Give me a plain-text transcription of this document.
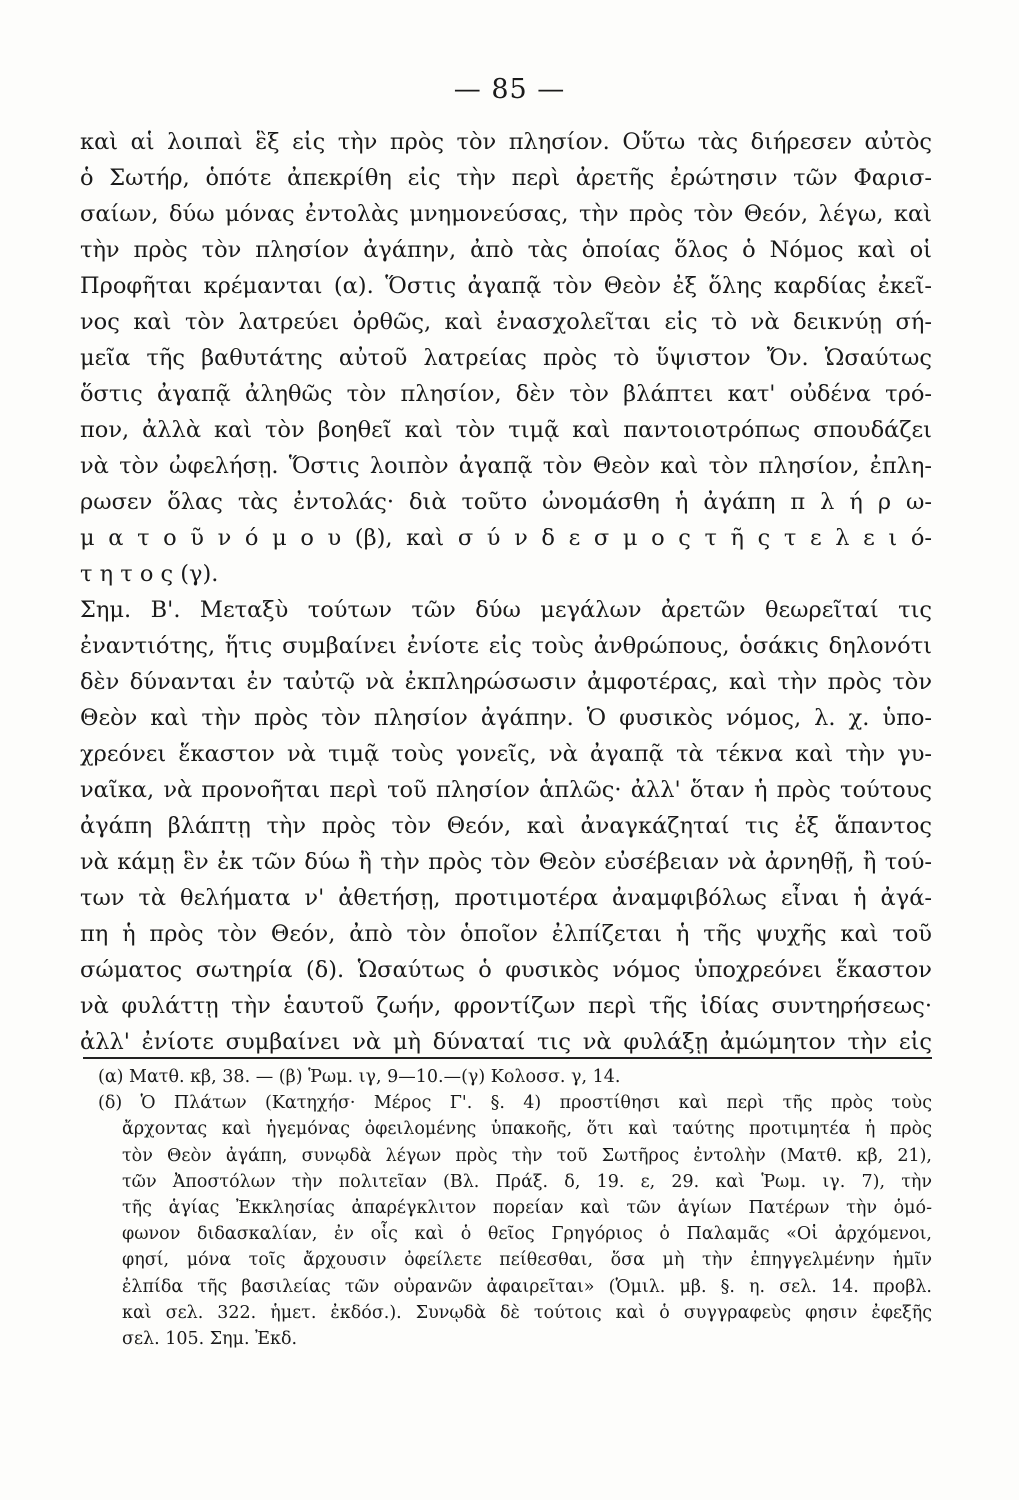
— 85 —
καὶ αἱ λοιπαὶ ἓξ εἰς τὴν πρὸς τὸν πλησίον. Οὕτω τὰς διήρεσεν αὐτὸς
ὁ Σωτήρ, ὁπότε ἀπεκρίθη εἰς τὴν περὶ ἀρετῆς ἐρώτησιν τῶν Φαρισ-
σαίων, δύω μόνας ἐντολὰς μνημονεύσας, τὴν πρὸς τὸν Θεόν, λέγω, καὶ
τὴν πρὸς τὸν πλησίον ἀγάπην, ἀπὸ τὰς ὁποίας ὅλος ὁ Νόμος καὶ οἱ
Προφῆται κρέμανται (α). Ὅστις ἀγαπᾷ τὸν Θεὸν ἐξ ὅλης καρδίας ἐκεῖ-
νος καὶ τὸν λατρεύει ὀρθῶς, καὶ ἐνασχολεῖται εἰς τὸ νὰ δεικνύῃ σή-
μεῖα τῆς βαθυτάτης αὐτοῦ λατρείας πρὸς τὸ ὕψιστον Ὄν. Ὡσαύτως
ὅστις ἀγαπᾷ ἀληθῶς τὸν πλησίον, δὲν τὸν βλάπτει κατ' οὐδένα τρό-
πον, ἀλλὰ καὶ τὸν βοηθεῖ καὶ τὸν τιμᾷ καὶ παντοιοτρόπως σπουδάζει
νὰ τὸν ὠφελήσῃ. Ὅστις λοιπὸν ἀγαπᾷ τὸν Θεὸν καὶ τὸν πλησίον, ἐπλη-
ρωσεν ὅλας τὰς ἐντολάς· διὰ τοῦτο ὠνομάσθη ἡ ἀγάπη π λ ή ρ ω-
μ α τ ο ῦ ν ό μ ο υ (β), καὶ σ ύ ν δ ε σ μ ο ς τ ῆ ς τ ε λ ε ι ό-
τ η τ ο ς (γ).
Σημ. Β'. Μεταξὺ τούτων τῶν δύω μεγάλων ἀρετῶν θεωρεῖταί τις
ἐναντιότης, ἥτις συμβαίνει ἐνίοτε εἰς τοὺς ἀνθρώπους, ὁσάκις δηλονότι
δὲν δύνανται ἐν ταὐτῷ νὰ ἐκπληρώσωσιν ἀμφοτέρας, καὶ τὴν πρὸς τὸν
Θεὸν καὶ τὴν πρὸς τὸν πλησίον ἀγάπην. Ὁ φυσικὸς νόμος, λ. χ. ὑπο-
χρεόνει ἕκαστον νὰ τιμᾷ τοὺς γονεῖς, νὰ ἀγαπᾷ τὰ τέκνα καὶ τὴν γυ-
ναῖκα, νὰ προνοῆται περὶ τοῦ πλησίον ἁπλῶς· ἀλλ' ὅταν ἡ πρὸς τούτους
ἀγάπη βλάπτῃ τὴν πρὸς τὸν Θεόν, καὶ ἀναγκάζηταί τις ἐξ ἅπαντος
νὰ κάμῃ ἓν ἐκ τῶν δύω ἢ τὴν πρὸς τὸν Θεὸν εὐσέβειαν νὰ ἀρνηθῇ, ἢ τού-
των τὰ θελήματα ν' ἀθετήσῃ, προτιμοτέρα ἀναμφιβόλως εἶναι ἡ ἀγά-
πη ἡ πρὸς τὸν Θεόν, ἀπὸ τὸν ὁποῖον ἐλπίζεται ἡ τῆς ψυχῆς καὶ τοῦ
σώματος σωτηρία (δ). Ὡσαύτως ὁ φυσικὸς νόμος ὑποχρεόνει ἕκαστον
νὰ φυλάττῃ τὴν ἑαυτοῦ ζωήν, φροντίζων περὶ τῆς ἰδίας συντηρήσεως·
ἀλλ' ἐνίοτε συμβαίνει νὰ μὴ δύναταί τις νὰ φυλάξῃ ἀμώμητον τὴν εἰς
(α) Ματθ. κβ, 38. — (β) Ῥωμ. ιγ, 9—10.—(γ) Κολοσσ. γ, 14.
(δ) Ὁ Πλάτων (Κατηχήσ· Μέρος Γ'. §. 4) προστίθησι καὶ περὶ τῆς πρὸς τοὺς
ἄρχοντας καὶ ἡγεμόνας ὀφειλομένης ὑπακοῆς, ὅτι καὶ ταύτης προτιμητέα ἡ πρὸς
τὸν Θεὸν ἀγάπη, συνῳδὰ λέγων πρὸς τὴν τοῦ Σωτῆρος ἐντολὴν (Ματθ. κβ, 21),
τῶν Ἀποστόλων τὴν πολιτεῖαν (Βλ. Πράξ. δ, 19. ε, 29. καὶ Ῥωμ. ιγ. 7), τὴν
τῆς ἁγίας Ἐκκλησίας ἀπαρέγκλιτον πορείαν καὶ τῶν ἁγίων Πατέρων τὴν ὁμό-
φωνον διδασκαλίαν, ἐν οἷς καὶ ὁ θεῖος Γρηγόριος ὁ Παλαμᾶς «Οἱ ἀρχόμενοι,
φησί, μόνα τοῖς ἄρχουσιν ὀφείλετε πείθεσθαι, ὅσα μὴ τὴν ἐπηγγελμένην ἡμῖν
ἐλπίδα τῆς βασιλείας τῶν οὐρανῶν ἀφαιρεῖται» (Ὁμιλ. μβ. §. η. σελ. 14. προβλ.
καὶ σελ. 322. ἡμετ. ἐκδόσ.). Συνῳδὰ δὲ τούτοις καὶ ὁ συγγραφεὺς φησιν ἐφεξῆς
σελ. 105. Σημ. Ἐκδ.
